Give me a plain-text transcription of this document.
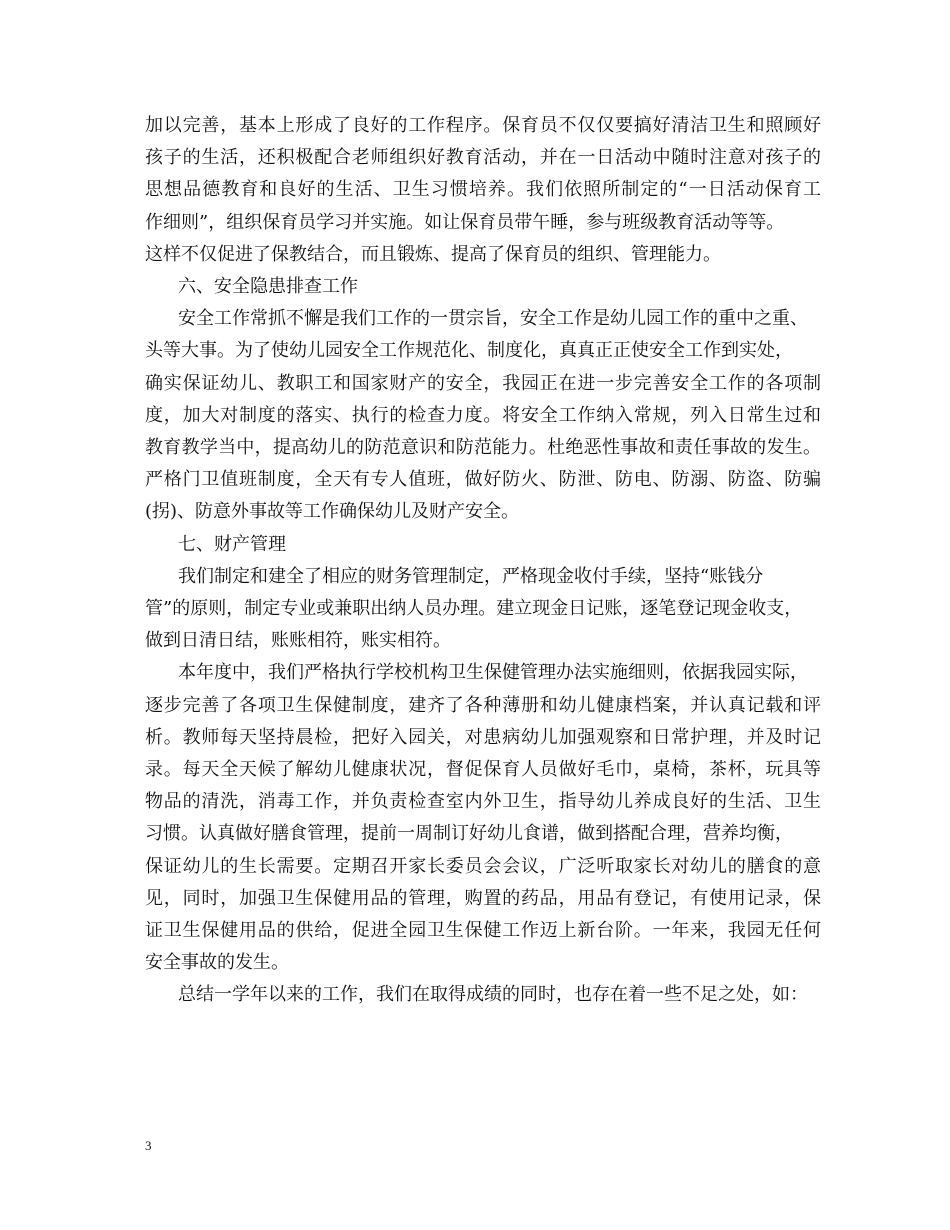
加以完善，基本上形成了良好的工作程序。保育员不仅仅要搞好清洁卫生和照顾好
孩子的生活，还积极配合老师组织好教育活动，并在一日活动中随时注意对孩子的
思想品德教育和良好的生活、卫生习惯培养。我们依照所制定的“一日活动保育工
作细则”，组织保育员学习并实施。如让保育员带午睡，参与班级教育活动等等。
这样不仅促进了保教结合，而且锻炼、提高了保育员的组织、管理能力。
六、安全隐患排查工作
安全工作常抓不懈是我们工作的一贯宗旨，安全工作是幼儿园工作的重中之重、
头等大事。为了使幼儿园安全工作规范化、制度化，真真正正使安全工作到实处，
确实保证幼儿、教职工和国家财产的安全，我园正在进一步完善安全工作的各项制
度，加大对制度的落实、执行的检查力度。将安全工作纳入常规，列入日常生过和
教育教学当中，提高幼儿的防范意识和防范能力。杜绝恶性事故和责任事故的发生。
严格门卫值班制度，全天有专人值班，做好防火、防泄、防电、防溺、防盗、防骗
(拐)、防意外事故等工作确保幼儿及财产安全。
七、财产管理
我们制定和建全了相应的财务管理制定，严格现金收付手续，坚持“账钱分
管”的原则，制定专业或兼职出纳人员办理。建立现金日记账，逐笔登记现金收支，
做到日清日结，账账相符，账实相符。
本年度中，我们严格执行学校机构卫生保健管理办法实施细则，依据我园实际，
逐步完善了各项卫生保健制度，建齐了各种薄册和幼儿健康档案，并认真记载和评
析。教师每天坚持晨检，把好入园关，对患病幼儿加强观察和日常护理，并及时记
录。每天全天候了解幼儿健康状况，督促保育人员做好毛巾，桌椅，茶杯，玩具等
物品的清洗，消毒工作，并负责检查室内外卫生，指导幼儿养成良好的生活、卫生
习惯。认真做好膳食管理，提前一周制订好幼儿食谱，做到搭配合理，营养均衡，
保证幼儿的生长需要。定期召开家长委员会会议，广泛听取家长对幼儿的膳食的意
见，同时，加强卫生保健用品的管理，购置的药品，用品有登记，有使用记录，保
证卫生保健用品的供给，促进全园卫生保健工作迈上新台阶。一年来，我园无任何
安全事故的发生。
总结一学年以来的工作，我们在取得成绩的同时，也存在着一些不足之处，如：
3
